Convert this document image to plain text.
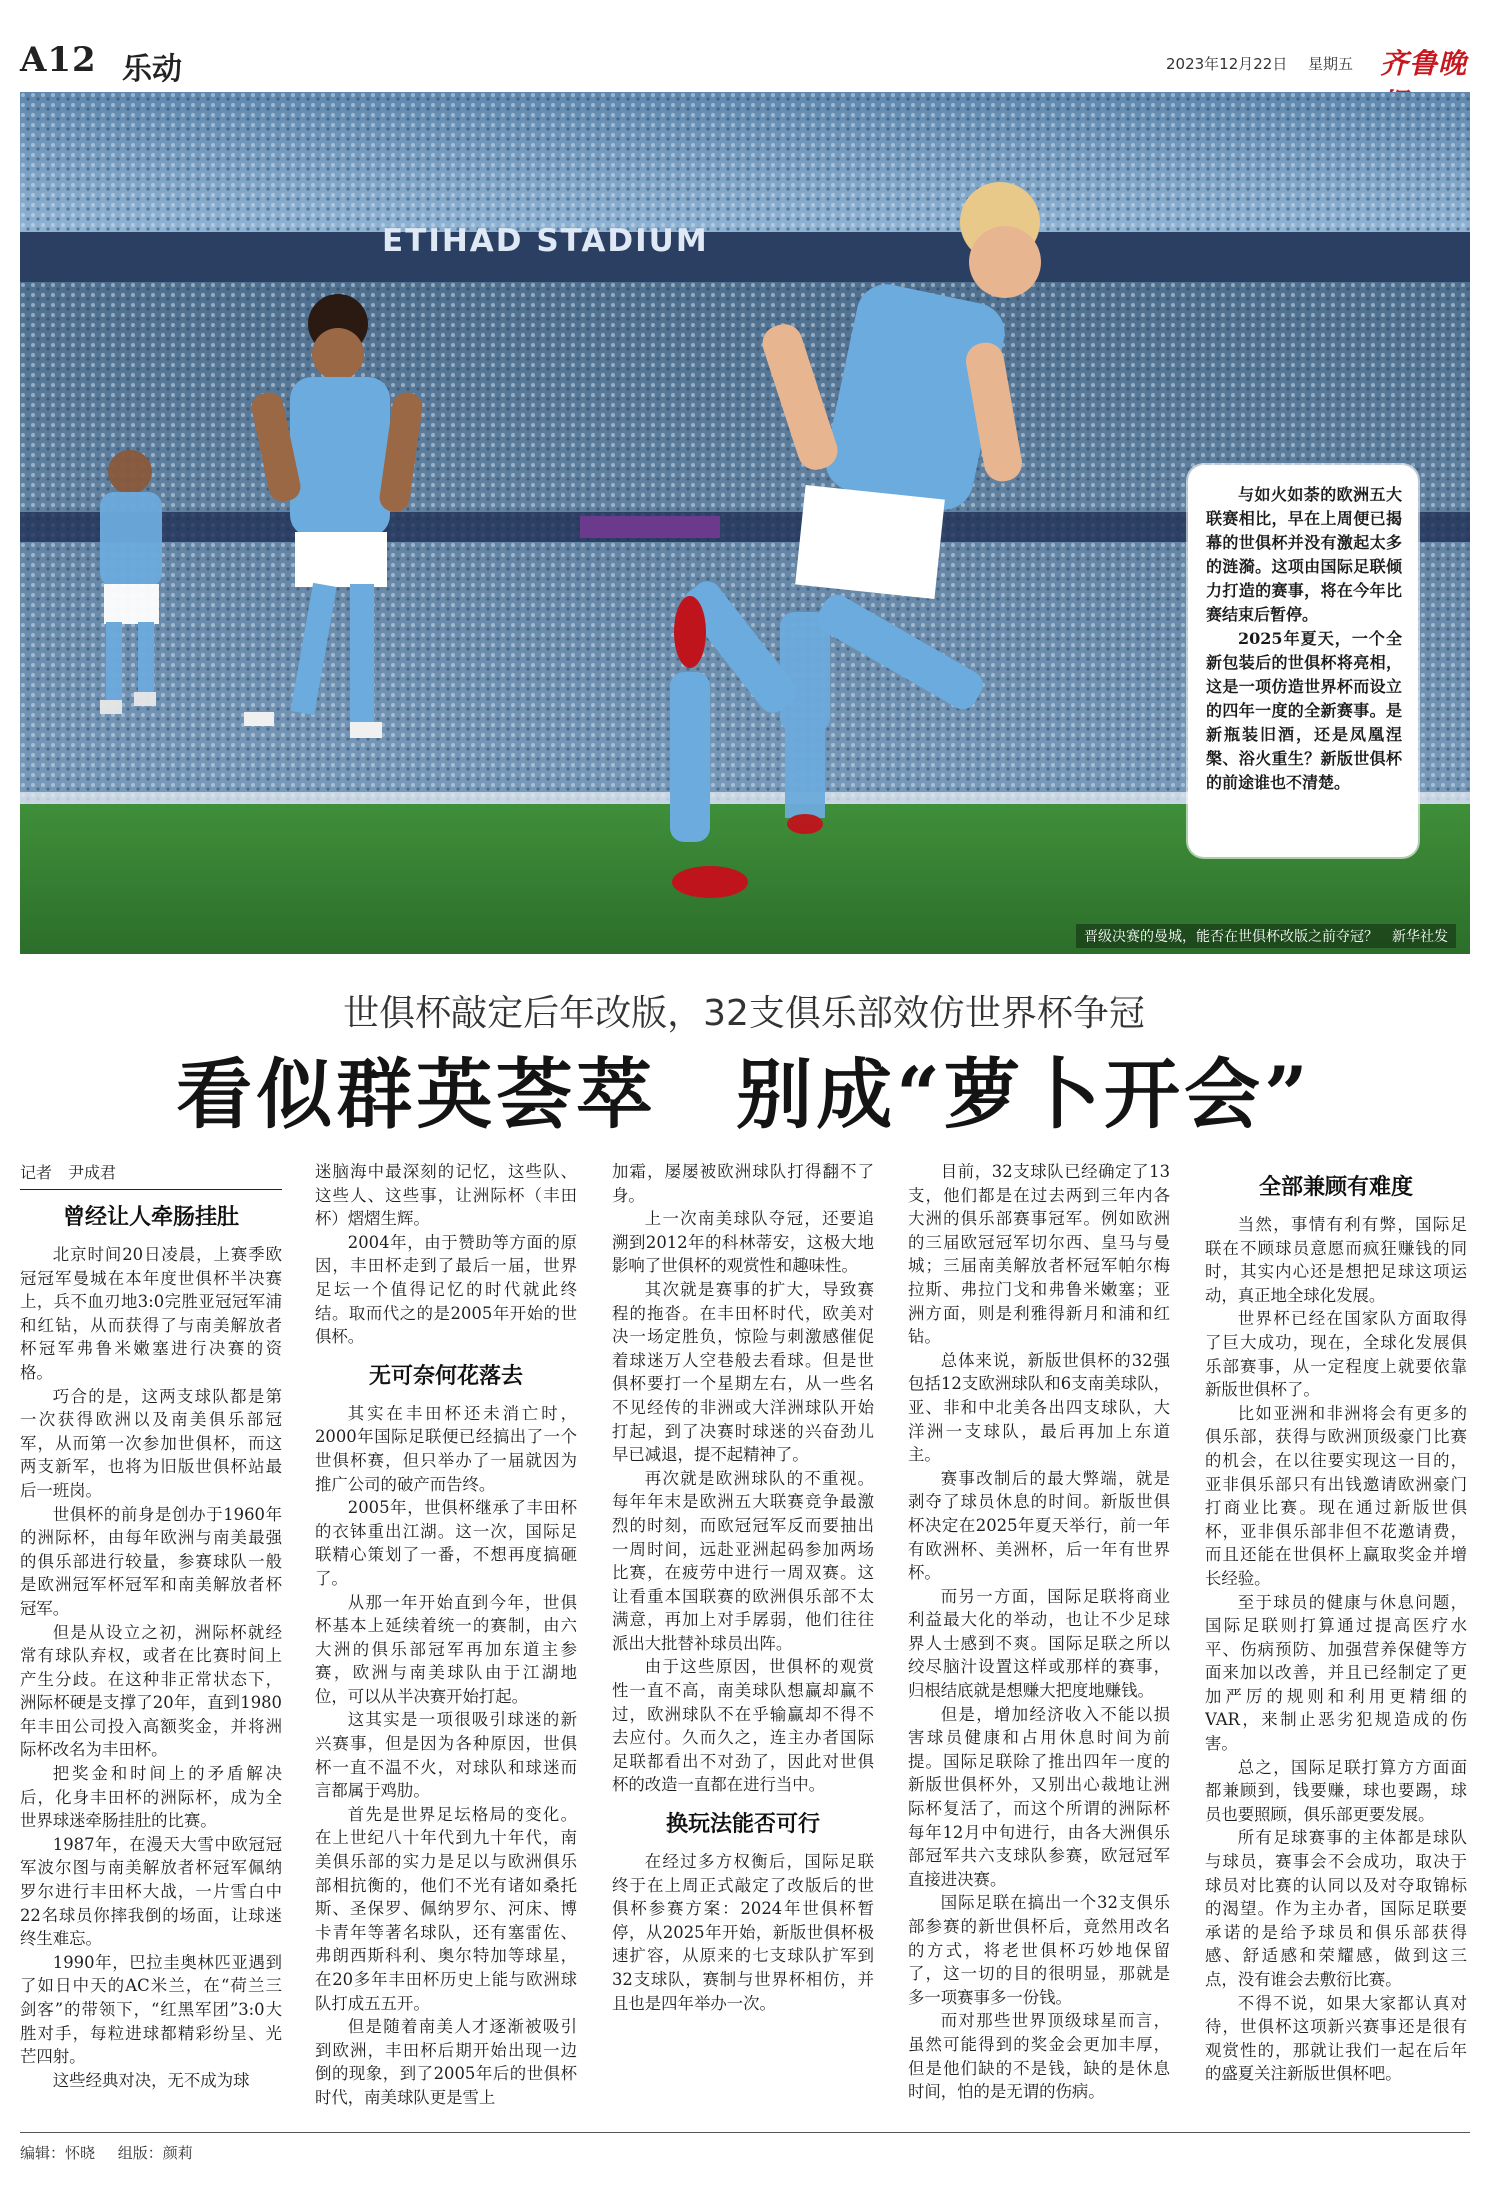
A12 乐动	2023年12月22日 星期五 齐鲁晚
ETIHAD STADIUM

与如火如荼的欧洲五大联赛相比，早在上周便已揭幕的世俱杯并没有激起太多的涟漪。这项由国际足联倾力打造的赛事，将在今年比赛结束后暂停。

2025年夏天，一个全新包装后的世俱杯将亮相，这是一项仿造世界杯而设立的四年一度的全新赛事。是新瓶装旧酒，还是凤凰涅槃、浴火重生？新版世俱杯的前途谁也不清楚。

晋级决赛的曼城，能否在世俱杯改版之前夺冠？　新华社发
世俱杯敲定后年改版，32支俱乐部效仿世界杯争冠
看似群英荟萃　别成“萝卜开会”
记者　尹成君
曾经让人牵肠挂肚

北京时间20日凌晨，上赛季欧冠冠军曼城在本年度世俱杯半决赛上，兵不血刃地3:0完胜亚冠冠军浦和红钻，从而获得了与南美解放者杯冠军弗鲁米嫩塞进行决赛的资格。

巧合的是，这两支球队都是第一次获得欧洲以及南美俱乐部冠军，从而第一次参加世俱杯，而这两支新军，也将为旧版世俱杯站最后一班岗。

世俱杯的前身是创办于1960年的洲际杯，由每年欧洲与南美最强的俱乐部进行较量，参赛球队一般是欧洲冠军杯冠军和南美解放者杯冠军。

但是从设立之初，洲际杯就经常有球队弃权，或者在比赛时间上产生分歧。在这种非正常状态下，洲际杯硬是支撑了20年，直到1980年丰田公司投入高额奖金，并将洲际杯改名为丰田杯。

把奖金和时间上的矛盾解决后，化身丰田杯的洲际杯，成为全世界球迷牵肠挂肚的比赛。

1987年，在漫天大雪中欧冠冠军波尔图与南美解放者杯冠军佩纳罗尔进行丰田杯大战，一片雪白中22名球员你摔我倒的场面，让球迷终生难忘。

1990年，巴拉圭奥林匹亚遇到了如日中天的AC米兰，在“荷兰三剑客”的带领下，“红黑军团”3:0大胜对手，每粒进球都精彩纷呈、光芒四射。

这些经典对决，无不成为球

迷脑海中最深刻的记忆，这些队、这些人、这些事，让洲际杯（丰田杯）熠熠生辉。

2004年，由于赞助等方面的原因，丰田杯走到了最后一届，世界足坛一个值得记忆的时代就此终结。取而代之的是2005年开始的世俱杯。

无可奈何花落去

其实在丰田杯还未消亡时，2000年国际足联便已经搞出了一个世俱杯赛，但只举办了一届就因为推广公司的破产而告终。

2005年，世俱杯继承了丰田杯的衣钵重出江湖。这一次，国际足联精心策划了一番，不想再度搞砸了。

从那一年开始直到今年，世俱杯基本上延续着统一的赛制，由六大洲的俱乐部冠军再加东道主参赛，欧洲与南美球队由于江湖地位，可以从半决赛开始打起。

这其实是一项很吸引球迷的新兴赛事，但是因为各种原因，世俱杯一直不温不火，对球队和球迷而言都属于鸡肋。

首先是世界足坛格局的变化。在上世纪八十年代到九十年代，南美俱乐部的实力是足以与欧洲俱乐部相抗衡的，他们不光有诸如桑托斯、圣保罗、佩纳罗尔、河床、博卡青年等著名球队，还有塞雷佐、弗朗西斯科利、奥尔特加等球星，在20多年丰田杯历史上能与欧洲球队打成五五开。

但是随着南美人才逐渐被吸引到欧洲，丰田杯后期开始出现一边倒的现象，到了2005年后的世俱杯时代，南美球队更是雪上

加霜，屡屡被欧洲球队打得翻不了身。

上一次南美球队夺冠，还要追溯到2012年的科林蒂安，这极大地影响了世俱杯的观赏性和趣味性。

其次就是赛事的扩大，导致赛程的拖沓。在丰田杯时代，欧美对决一场定胜负，惊险与刺激感催促着球迷万人空巷般去看球。但是世俱杯要打一个星期左右，从一些名不见经传的非洲或大洋洲球队开始打起，到了决赛时球迷的兴奋劲儿早已减退，提不起精神了。

再次就是欧洲球队的不重视。每年年末是欧洲五大联赛竞争最激烈的时刻，而欧冠冠军反而要抽出一周时间，远赴亚洲起码参加两场比赛，在疲劳中进行一周双赛。这让看重本国联赛的欧洲俱乐部不太满意，再加上对手孱弱，他们往往派出大批替补球员出阵。

由于这些原因，世俱杯的观赏性一直不高，南美球队想赢却赢不过，欧洲球队不在乎输赢却不得不去应付。久而久之，连主办者国际足联都看出不对劲了，因此对世俱杯的改造一直都在进行当中。

换玩法能否可行

在经过多方权衡后，国际足联终于在上周正式敲定了改版后的世俱杯参赛方案：2024年世俱杯暂停，从2025年开始，新版世俱杯极速扩容，从原来的七支球队扩军到32支球队，赛制与世界杯相仿，并且也是四年举办一次。

目前，32支球队已经确定了13支，他们都是在过去两到三年内各大洲的俱乐部赛事冠军。例如欧洲的三届欧冠冠军切尔西、皇马与曼城；三届南美解放者杯冠军帕尔梅拉斯、弗拉门戈和弗鲁米嫩塞；亚洲方面，则是利雅得新月和浦和红钻。

总体来说，新版世俱杯的32强包括12支欧洲球队和6支南美球队，亚、非和中北美各出四支球队，大洋洲一支球队，最后再加上东道主。

赛事改制后的最大弊端，就是剥夺了球员休息的时间。新版世俱杯决定在2025年夏天举行，前一年有欧洲杯、美洲杯，后一年有世界杯。

而另一方面，国际足联将商业利益最大化的举动，也让不少足球界人士感到不爽。国际足联之所以绞尽脑汁设置这样或那样的赛事，归根结底就是想赚大把度地赚钱。

但是，增加经济收入不能以损害球员健康和占用休息时间为前提。国际足联除了推出四年一度的新版世俱杯外，又别出心裁地让洲际杯复活了，而这个所谓的洲际杯每年12月中旬进行，由各大洲俱乐部冠军共六支球队参赛，欧冠冠军直接进决赛。

国际足联在搞出一个32支俱乐部参赛的新世俱杯后，竟然用改名的方式，将老世俱杯巧妙地保留了，这一切的目的很明显，那就是多一项赛事多一份钱。

而对那些世界顶级球星而言，虽然可能得到的奖金会更加丰厚，但是他们缺的不是钱，缺的是休息时间，怕的是无谓的伤病。

全部兼顾有难度

当然，事情有利有弊，国际足联在不顾球员意愿而疯狂赚钱的同时，其实内心还是想把足球这项运动，真正地全球化发展。

世界杯已经在国家队方面取得了巨大成功，现在，全球化发展俱乐部赛事，从一定程度上就要依靠新版世俱杯了。

比如亚洲和非洲将会有更多的俱乐部，获得与欧洲顶级豪门比赛的机会，在以往要实现这一目的，亚非俱乐部只有出钱邀请欧洲豪门打商业比赛。现在通过新版世俱杯，亚非俱乐部非但不花邀请费，而且还能在世俱杯上赢取奖金并增长经验。

至于球员的健康与休息问题，国际足联则打算通过提高医疗水平、伤病预防、加强营养保健等方面来加以改善，并且已经制定了更加严厉的规则和利用更精细的VAR，来制止恶劣犯规造成的伤害。

总之，国际足联打算方方面面都兼顾到，钱要赚，球也要踢，球员也要照顾，俱乐部更要发展。

所有足球赛事的主体都是球队与球员，赛事会不会成功，取决于球员对比赛的认同以及对夺取锦标的渴望。作为主办者，国际足联要承诺的是给予球员和俱乐部获得感、舒适感和荣耀感，做到这三点，没有谁会去敷衍比赛。

不得不说，如果大家都认真对待，世俱杯这项新兴赛事还是很有观赏性的，那就让我们一起在后年的盛夏关注新版世俱杯吧。

编辑：怀晓 组版：颜莉
